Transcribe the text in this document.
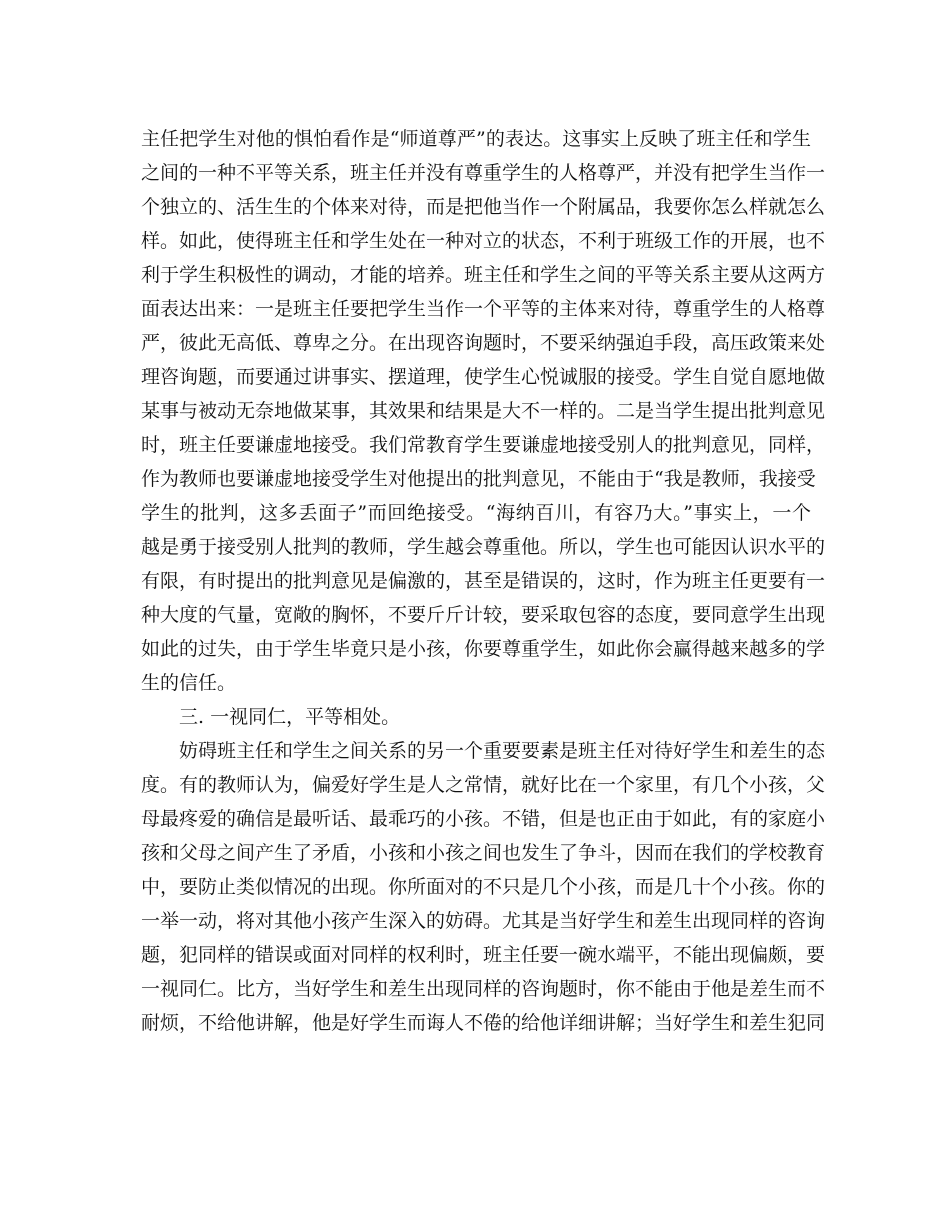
主任把学生对他的惧怕看作是“师道尊严”的表达。这事实上反映了班主任和学生
之间的一种不平等关系，班主任并没有尊重学生的人格尊严，并没有把学生当作一
个独立的、活生生的个体来对待，而是把他当作一个附属品，我要你怎么样就怎么
样。如此，使得班主任和学生处在一种对立的状态，不利于班级工作的开展，也不
利于学生积极性的调动，才能的培养。班主任和学生之间的平等关系主要从这两方
面表达出来：一是班主任要把学生当作一个平等的主体来对待，尊重学生的人格尊
严，彼此无高低、尊卑之分。在出现咨询题时，不要采纳强迫手段，高压政策来处
理咨询题，而要通过讲事实、摆道理，使学生心悦诚服的接受。学生自觉自愿地做
某事与被动无奈地做某事，其效果和结果是大不一样的。二是当学生提出批判意见
时，班主任要谦虚地接受。我们常教育学生要谦虚地接受别人的批判意见，同样，
作为教师也要谦虚地接受学生对他提出的批判意见，不能由于“我是教师，我接受
学生的批判，这多丢面子”而回绝接受。“海纳百川，有容乃大。”事实上，一个
越是勇于接受别人批判的教师，学生越会尊重他。所以，学生也可能因认识水平的
有限，有时提出的批判意见是偏激的，甚至是错误的，这时，作为班主任更要有一
种大度的气量，宽敞的胸怀，不要斤斤计较，要采取包容的态度，要同意学生出现
如此的过失，由于学生毕竟只是小孩，你要尊重学生，如此你会赢得越来越多的学
生的信任。
三. 一视同仁，平等相处。
妨碍班主任和学生之间关系的另一个重要要素是班主任对待好学生和差生的态
度。有的教师认为，偏爱好学生是人之常情，就好比在一个家里，有几个小孩，父
母最疼爱的确信是最听话、最乖巧的小孩。不错，但是也正由于如此，有的家庭小
孩和父母之间产生了矛盾，小孩和小孩之间也发生了争斗，因而在我们的学校教育
中，要防止类似情况的出现。你所面对的不只是几个小孩，而是几十个小孩。你的
一举一动，将对其他小孩产生深入的妨碍。尤其是当好学生和差生出现同样的咨询
题，犯同样的错误或面对同样的权利时，班主任要一碗水端平，不能出现偏颇，要
一视同仁。比方，当好学生和差生出现同样的咨询题时，你不能由于他是差生而不
耐烦，不给他讲解，他是好学生而诲人不倦的给他详细讲解；当好学生和差生犯同
